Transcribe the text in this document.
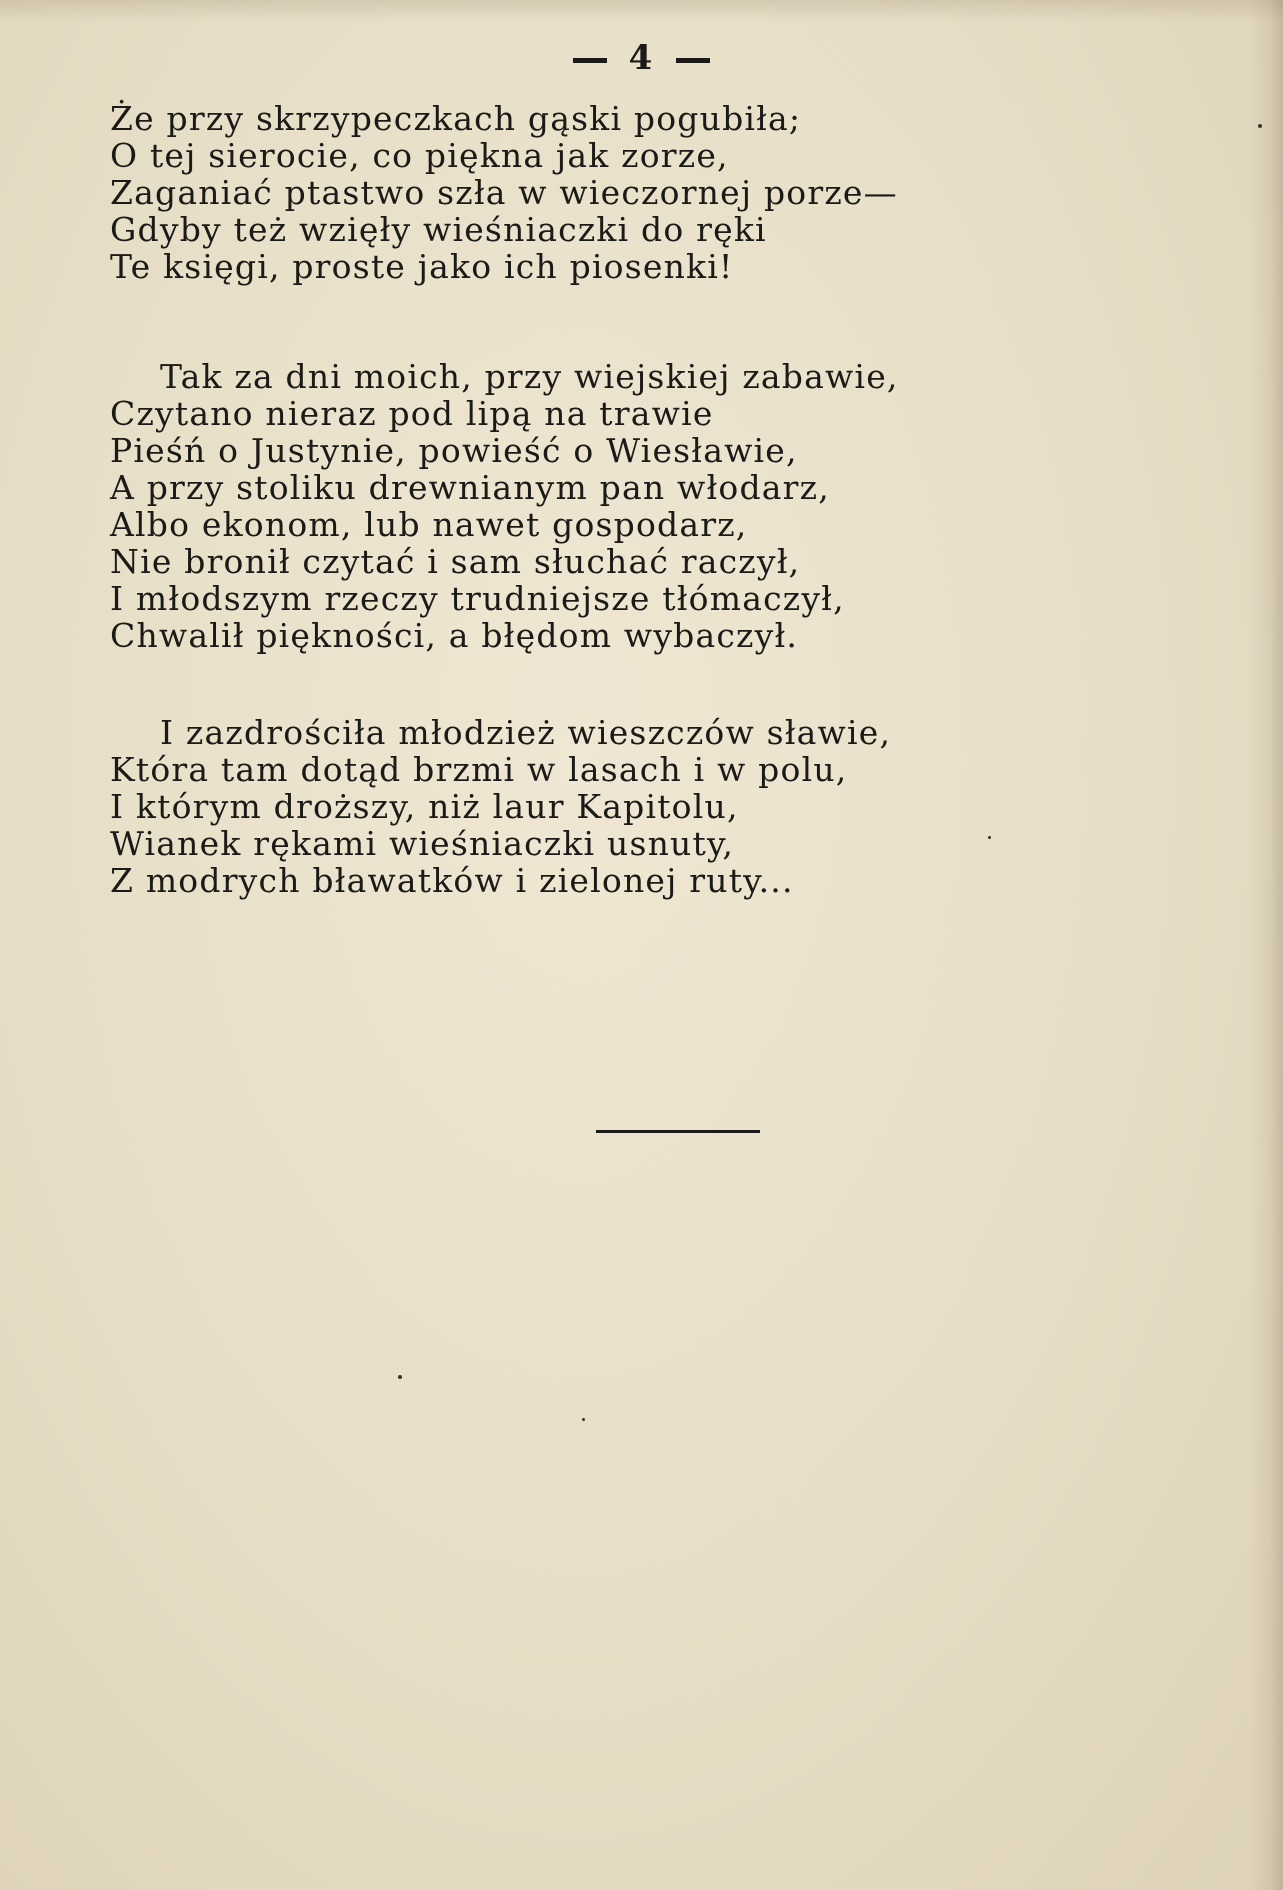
4
Że przy skrzypeczkach gąski pogubiła;
O tej sierocie, co piękna jak zorze,
Zaganiać ptastwo szła w wieczornej porze—
Gdyby też wzięły wieśniaczki do ręki
Te księgi, proste jako ich piosenki!
Tak za dni moich, przy wiejskiej zabawie,
Czytano nieraz pod lipą na trawie
Pieśń o Justynie, powieść o Wiesławie,
A przy stoliku drewnianym pan włodarz,
Albo ekonom, lub nawet gospodarz,
Nie bronił czytać i sam słuchać raczył,
I młodszym rzeczy trudniejsze tłómaczył,
Chwalił piękności, a błędom wybaczył.
I zazdrościła młodzież wieszczów sławie,
Która tam dotąd brzmi w lasach i w polu,
I którym droższy, niż laur Kapitolu,
Wianek rękami wieśniaczki usnuty,
Z modrych bławatków i zielonej ruty...
